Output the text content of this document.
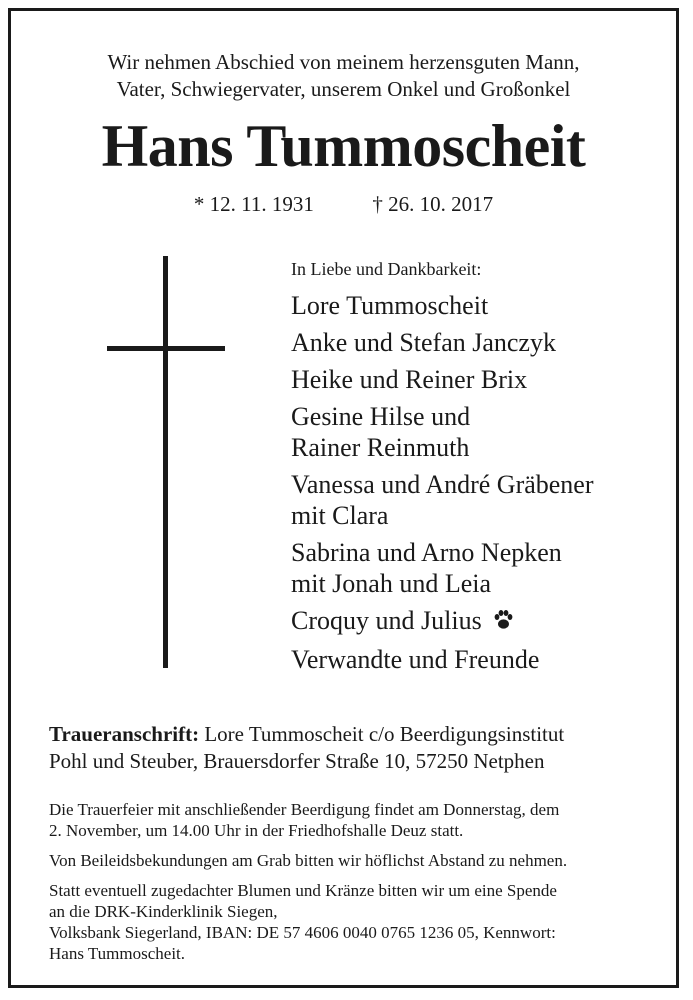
Wir nehmen Abschied von meinem herzensguten Mann,
Vater, Schwiegervater, unserem Onkel und Großonkel
Hans Tummoscheit
* 12. 11. 1931	† 26. 10. 2017
In Liebe und Dankbarkeit:
Lore Tummoscheit
Anke und Stefan Janczyk
Heike und Reiner Brix
Gesine Hilse und
Rainer Reinmuth
Vanessa und André Gräbener
mit Clara
Sabrina und Arno Nepken
mit Jonah und Leia
Croquy und Julius
Verwandte und Freunde
Traueranschrift: Lore Tummoscheit c/o Beerdigungsinstitut
Pohl und Steuber, Brauersdorfer Straße 10, 57250 Netphen

Die Trauerfeier mit anschließender Beerdigung findet am Donnerstag, dem
2. November, um 14.00 Uhr in der Friedhofshalle Deuz statt.

Von Beileidsbekundungen am Grab bitten wir höflichst Abstand zu nehmen.

Statt eventuell zugedachter Blumen und Kränze bitten wir um eine Spende
an die DRK-Kinderklinik Siegen,
Volksbank Siegerland, IBAN: DE 57 4606 0040 0765 1236 05, Kennwort:
Hans Tummoscheit.
